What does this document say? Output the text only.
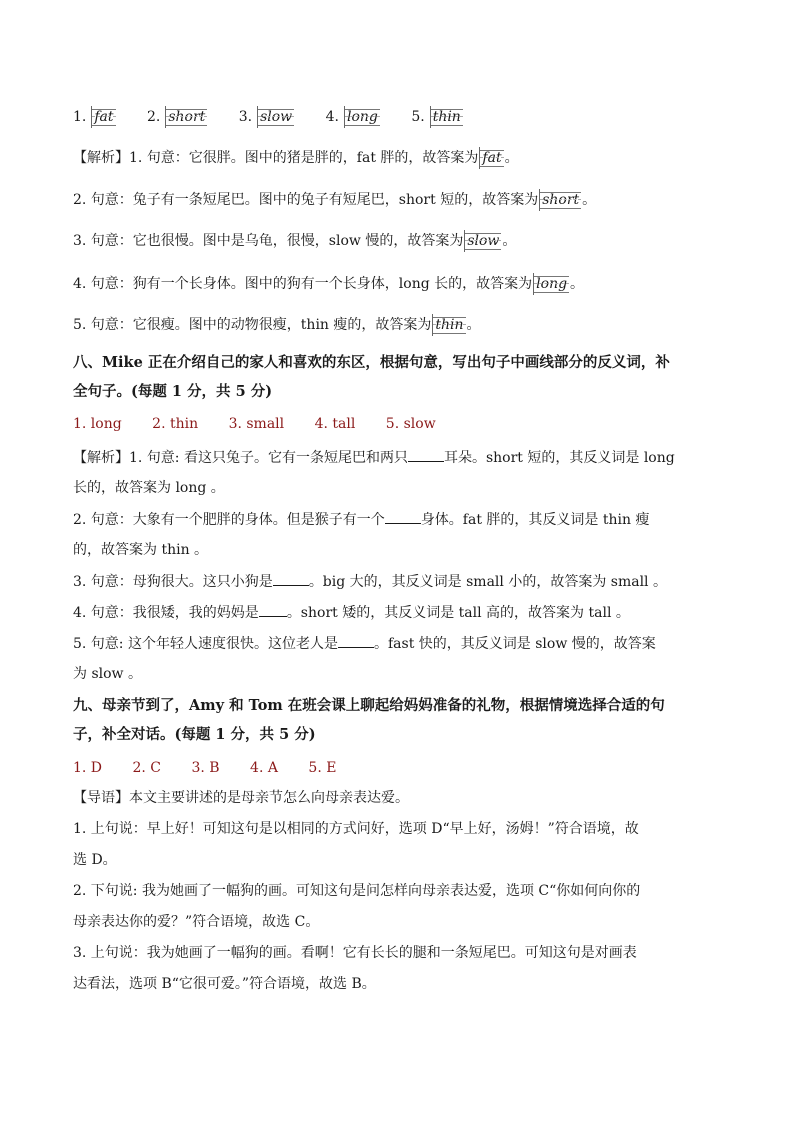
1. fat 2. short 3. slow 4. long 5. thin
【解析】1. 句意：它很胖。图中的猪是胖的，fat 胖的，故答案为 fat 。
2. 句意：兔子有一条短尾巴。图中的兔子有短尾巴，short 短的，故答案为 short 。
3. 句意：它也很慢。图中是乌龟，很慢，slow 慢的，故答案为 slow 。
4. 句意：狗有一个长身体。图中的狗有一个长身体，long 长的，故答案为 long 。
5. 句意：它很瘦。图中的动物很瘦，thin 瘦的，故答案为 thin 。
八、Mike 正在介绍自己的家人和喜欢的东区，根据句意，写出句子中画线部分的反义词，补
全句子。(每题 1 分，共 5 分)
1. long 2. thin 3. small 4. tall 5. slow
【解析】1. 句意: 看这只兔子。它有一条短尾巴和两只	耳朵。short 短的，其反义词是 long
长的，故答案为 long 。
2. 句意：大象有一个肥胖的身体。但是猴子有一个	身体。fat 胖的，其反义词是 thin 瘦
的，故答案为 thin 。
3. 句意：母狗很大。这只小狗是	。big 大的，其反义词是 small 小的，故答案为 small 。
4. 句意：我很矮，我的妈妈是 。short 矮的，其反义词是 tall 高的，故答案为 tall 。
5. 句意: 这个年轻人速度很快。这位老人是	。fast 快的，其反义词是 slow 慢的，故答案
为 slow 。
九、母亲节到了，Amy 和 Tom 在班会课上聊起给妈妈准备的礼物，根据情境选择合适的句
子，补全对话。(每题 1 分，共 5 分)
1. D 2. C 3. B 4. A 5. E
【导语】本文主要讲述的是母亲节怎么向母亲表达爱。
1. 上句说：早上好！可知这句是以相同的方式问好，选项 D“早上好，汤姆！”符合语境，故
选 D。
2. 下句说: 我为她画了一幅狗的画。可知这句是问怎样向母亲表达爱，选项 C“你如何向你的
母亲表达你的爱？”符合语境，故选 C。
3. 上句说：我为她画了一幅狗的画。看啊！它有长长的腿和一条短尾巴。可知这句是对画表
达看法，选项 B“它很可爱。”符合语境，故选 B。
